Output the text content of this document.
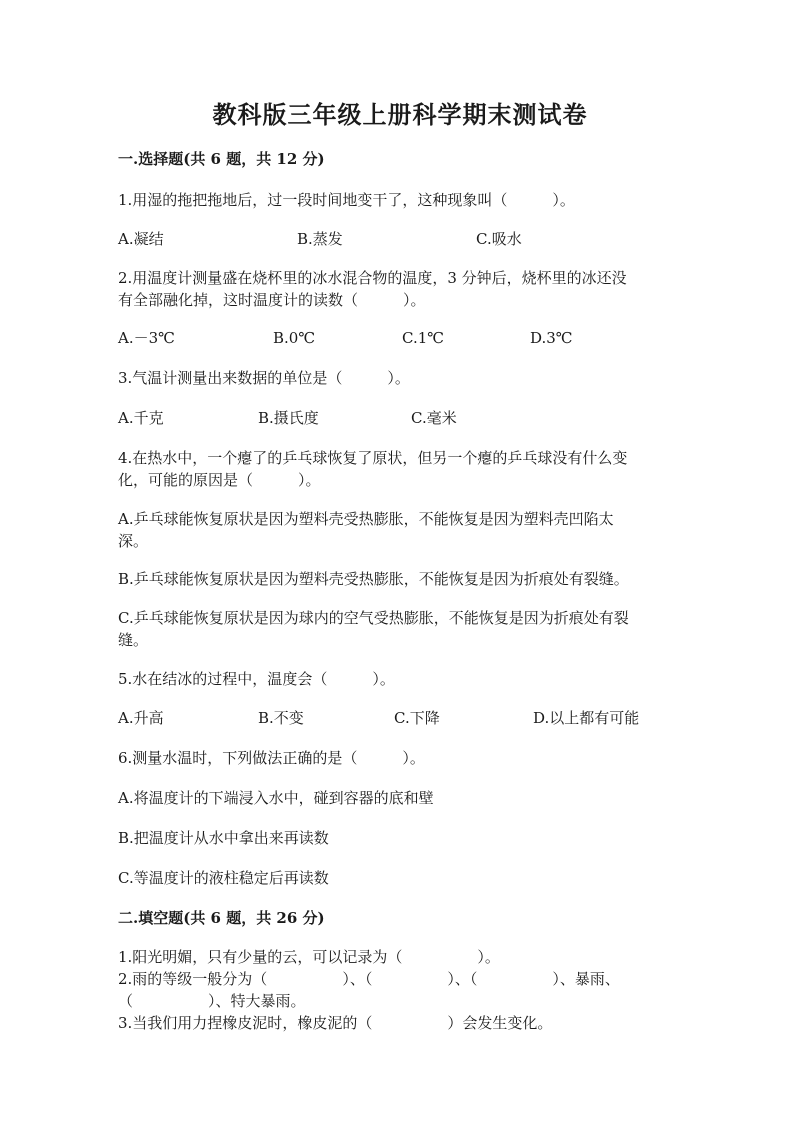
教科版三年级上册科学期末测试卷
一.选择题(共 6 题，共 12 分)
1.用湿的拖把拖地后，过一段时间地变干了，这种现象叫（　　　）。
A.凝结	B.蒸发	C.吸水
2.用温度计测量盛在烧杯里的冰水混合物的温度，3 分钟后，烧杯里的冰还没
有全部融化掉，这时温度计的读数（　　　）。
A.－3℃	B.0℃	C.1℃	D.3℃
3.气温计测量出来数据的单位是（　　　）。
A.千克	B.摄氏度	C.毫米
4.在热水中，一个瘪了的乒乓球恢复了原状，但另一个瘪的乒乓球没有什么变
化，可能的原因是（　　　）。
A.乒乓球能恢复原状是因为塑料壳受热膨胀，不能恢复是因为塑料壳凹陷太
深。
B.乒乓球能恢复原状是因为塑料壳受热膨胀，不能恢复是因为折痕处有裂缝。
C.乒乓球能恢复原状是因为球内的空气受热膨胀，不能恢复是因为折痕处有裂
缝。
5.水在结冰的过程中，温度会（　　　）。
A.升高	B.不变	C.下降	D.以上都有可能
6.测量水温时，下列做法正确的是（　　　）。
A.将温度计的下端浸入水中，碰到容器的底和壁
B.把温度计从水中拿出来再读数
C.等温度计的液柱稳定后再读数
二.填空题(共 6 题，共 26 分)
1.阳光明媚，只有少量的云，可以记录为（　　　　　）。
2.雨的等级一般分为（　　　　　）、（　　　　　）、（　　　　　）、暴雨、
（　　　　　）、特大暴雨。
3.当我们用力捏橡皮泥时，橡皮泥的（　　　　　）会发生变化。
